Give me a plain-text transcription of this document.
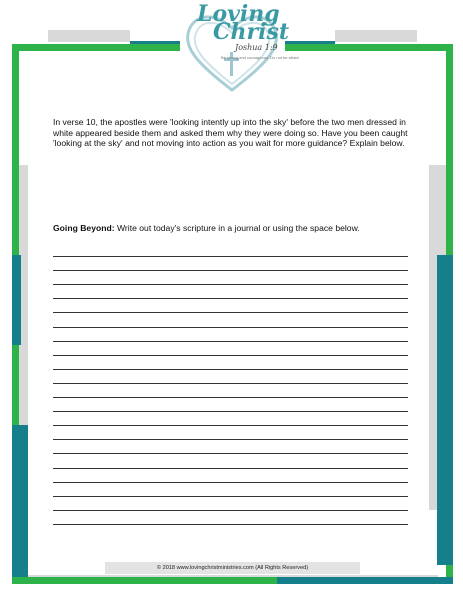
Loving
Christ
Joshua 1:9
Be strong and courageous. Do not be afraid
In verse 10, the apostles were 'looking intently up into the sky' before the two men dressed in white appeared beside them and asked them why they were doing so. Have you been caught 'looking at the sky' and not moving into action as you wait for more guidance? Explain below.
Going Beyond: Write out today's scripture in a journal or using the space below.
© 2018 www.lovingchristministries.com (All Rights Reserved)
